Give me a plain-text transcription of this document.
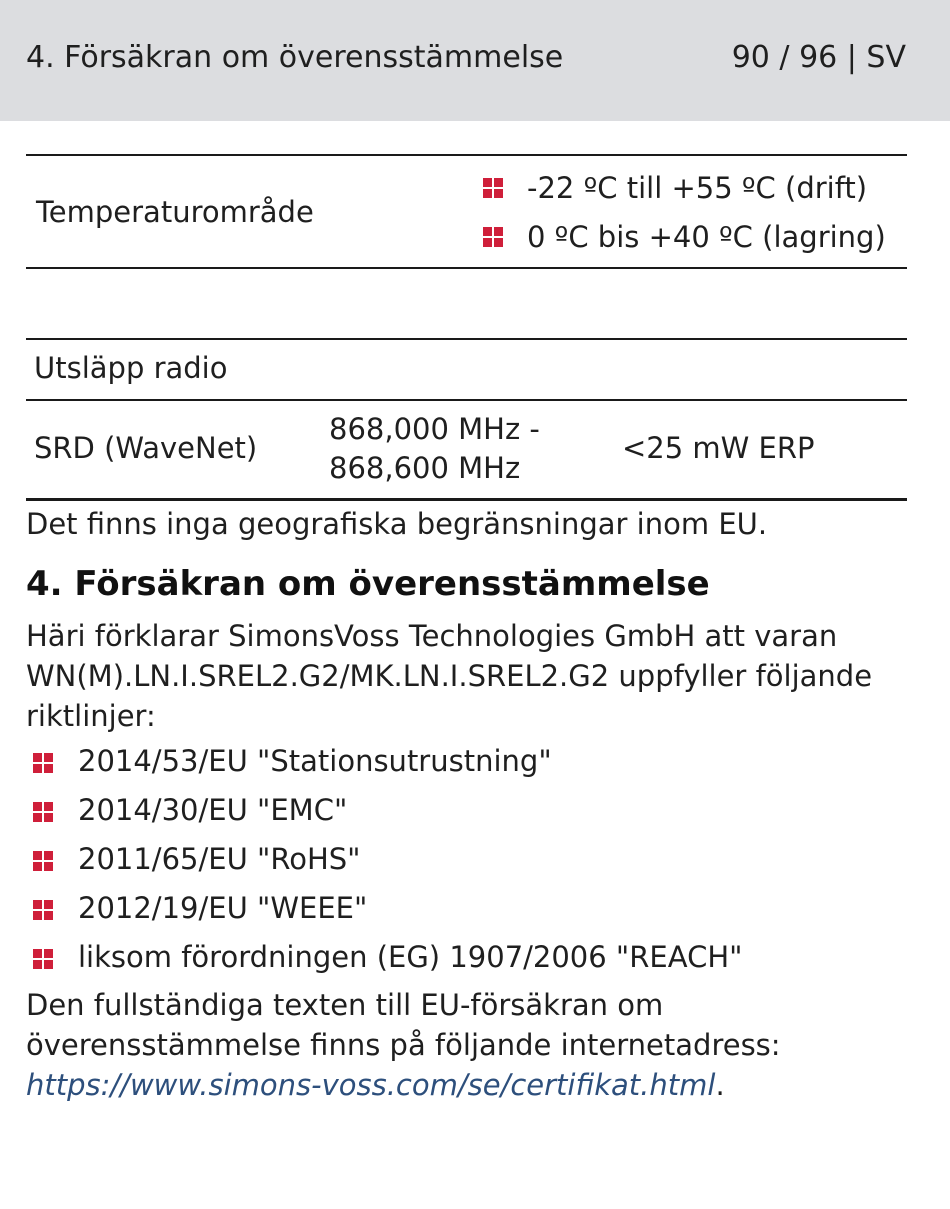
4. Försäkran om överensstämmelse	90 / 96 | SV
Temperaturområde
-22 ºC till +55 ºC (drift)
0 ºC bis +40 ºC (lagring)
Utsläpp radio
SRD (WaveNet)
868,000 MHz -
868,600 MHz
<25 mW ERP
Det finns inga geografiska begränsningar inom EU.
4. Försäkran om överensstämmelse
Häri förklarar SimonsVoss Technologies GmbH att varan WN(M).LN.I.SREL2.G2/MK.LN.I.SREL2.G2 uppfyller följande riktlinjer:
2014/53/EU "Stationsutrustning"
2014/30/EU "EMC"
2011/65/EU "RoHS"
2012/19/EU "WEEE"
liksom förordningen (EG) 1907/2006 "REACH"
Den fullständiga texten till EU-försäkran om överensstämmelse finns på följande internetadress: https://www.simons-voss.com/se/certifikat.html.
